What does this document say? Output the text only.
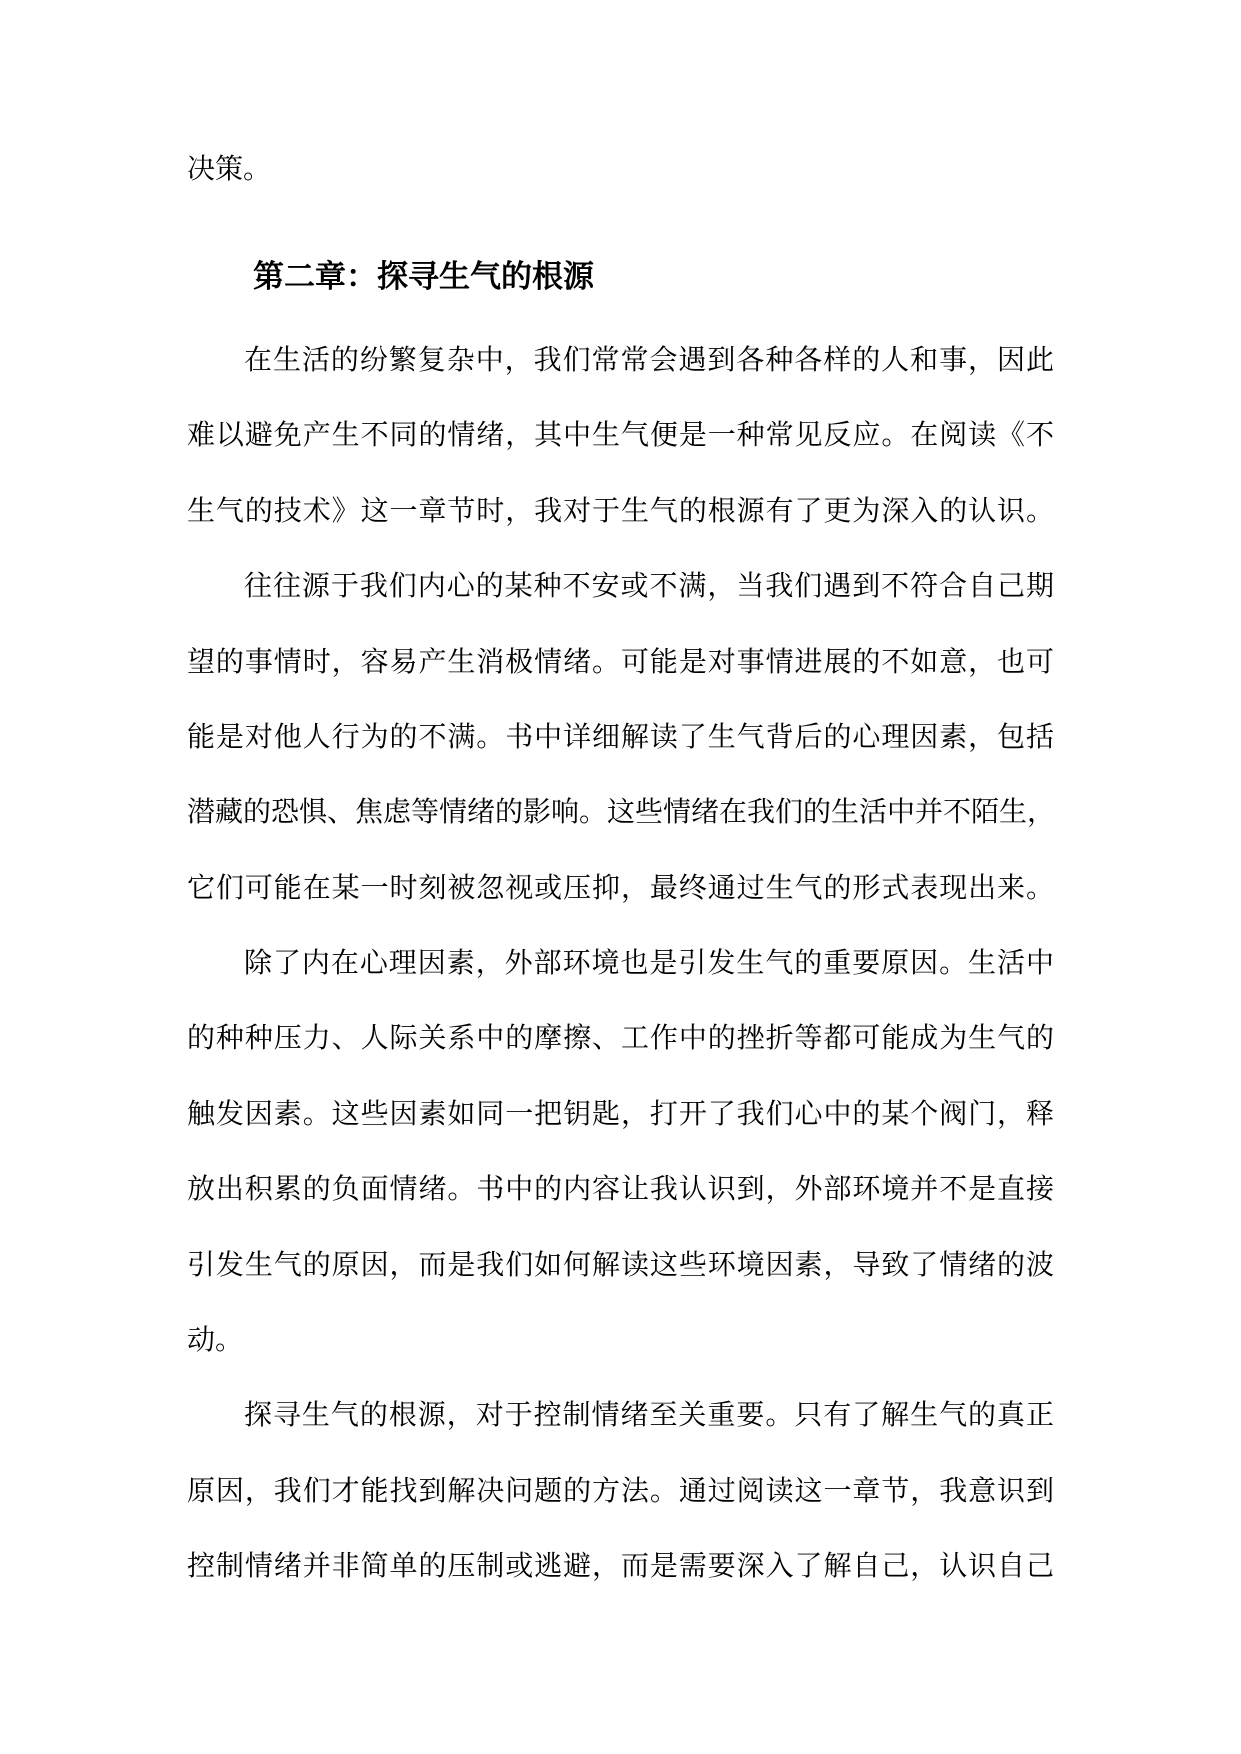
决策。
第二章：探寻生气的根源
在生活的纷繁复杂中，我们常常会遇到各种各样的人和事，因此
难以避免产生不同的情绪，其中生气便是一种常见反应。在阅读《不
生气的技术》这一章节时，我对于生气的根源有了更为深入的认识。
往往源于我们内心的某种不安或不满，当我们遇到不符合自己期
望的事情时，容易产生消极情绪。可能是对事情进展的不如意，也可
能是对他人行为的不满。书中详细解读了生气背后的心理因素，包括
潜藏的恐惧、焦虑等情绪的影响。这些情绪在我们的生活中并不陌生，
它们可能在某一时刻被忽视或压抑，最终通过生气的形式表现出来。
除了内在心理因素，外部环境也是引发生气的重要原因。生活中
的种种压力、人际关系中的摩擦、工作中的挫折等都可能成为生气的
触发因素。这些因素如同一把钥匙，打开了我们心中的某个阀门，释
放出积累的负面情绪。书中的内容让我认识到，外部环境并不是直接
引发生气的原因，而是我们如何解读这些环境因素，导致了情绪的波
动。
探寻生气的根源，对于控制情绪至关重要。只有了解生气的真正
原因，我们才能找到解决问题的方法。通过阅读这一章节，我意识到
控制情绪并非简单的压制或逃避，而是需要深入了解自己，认识自己
